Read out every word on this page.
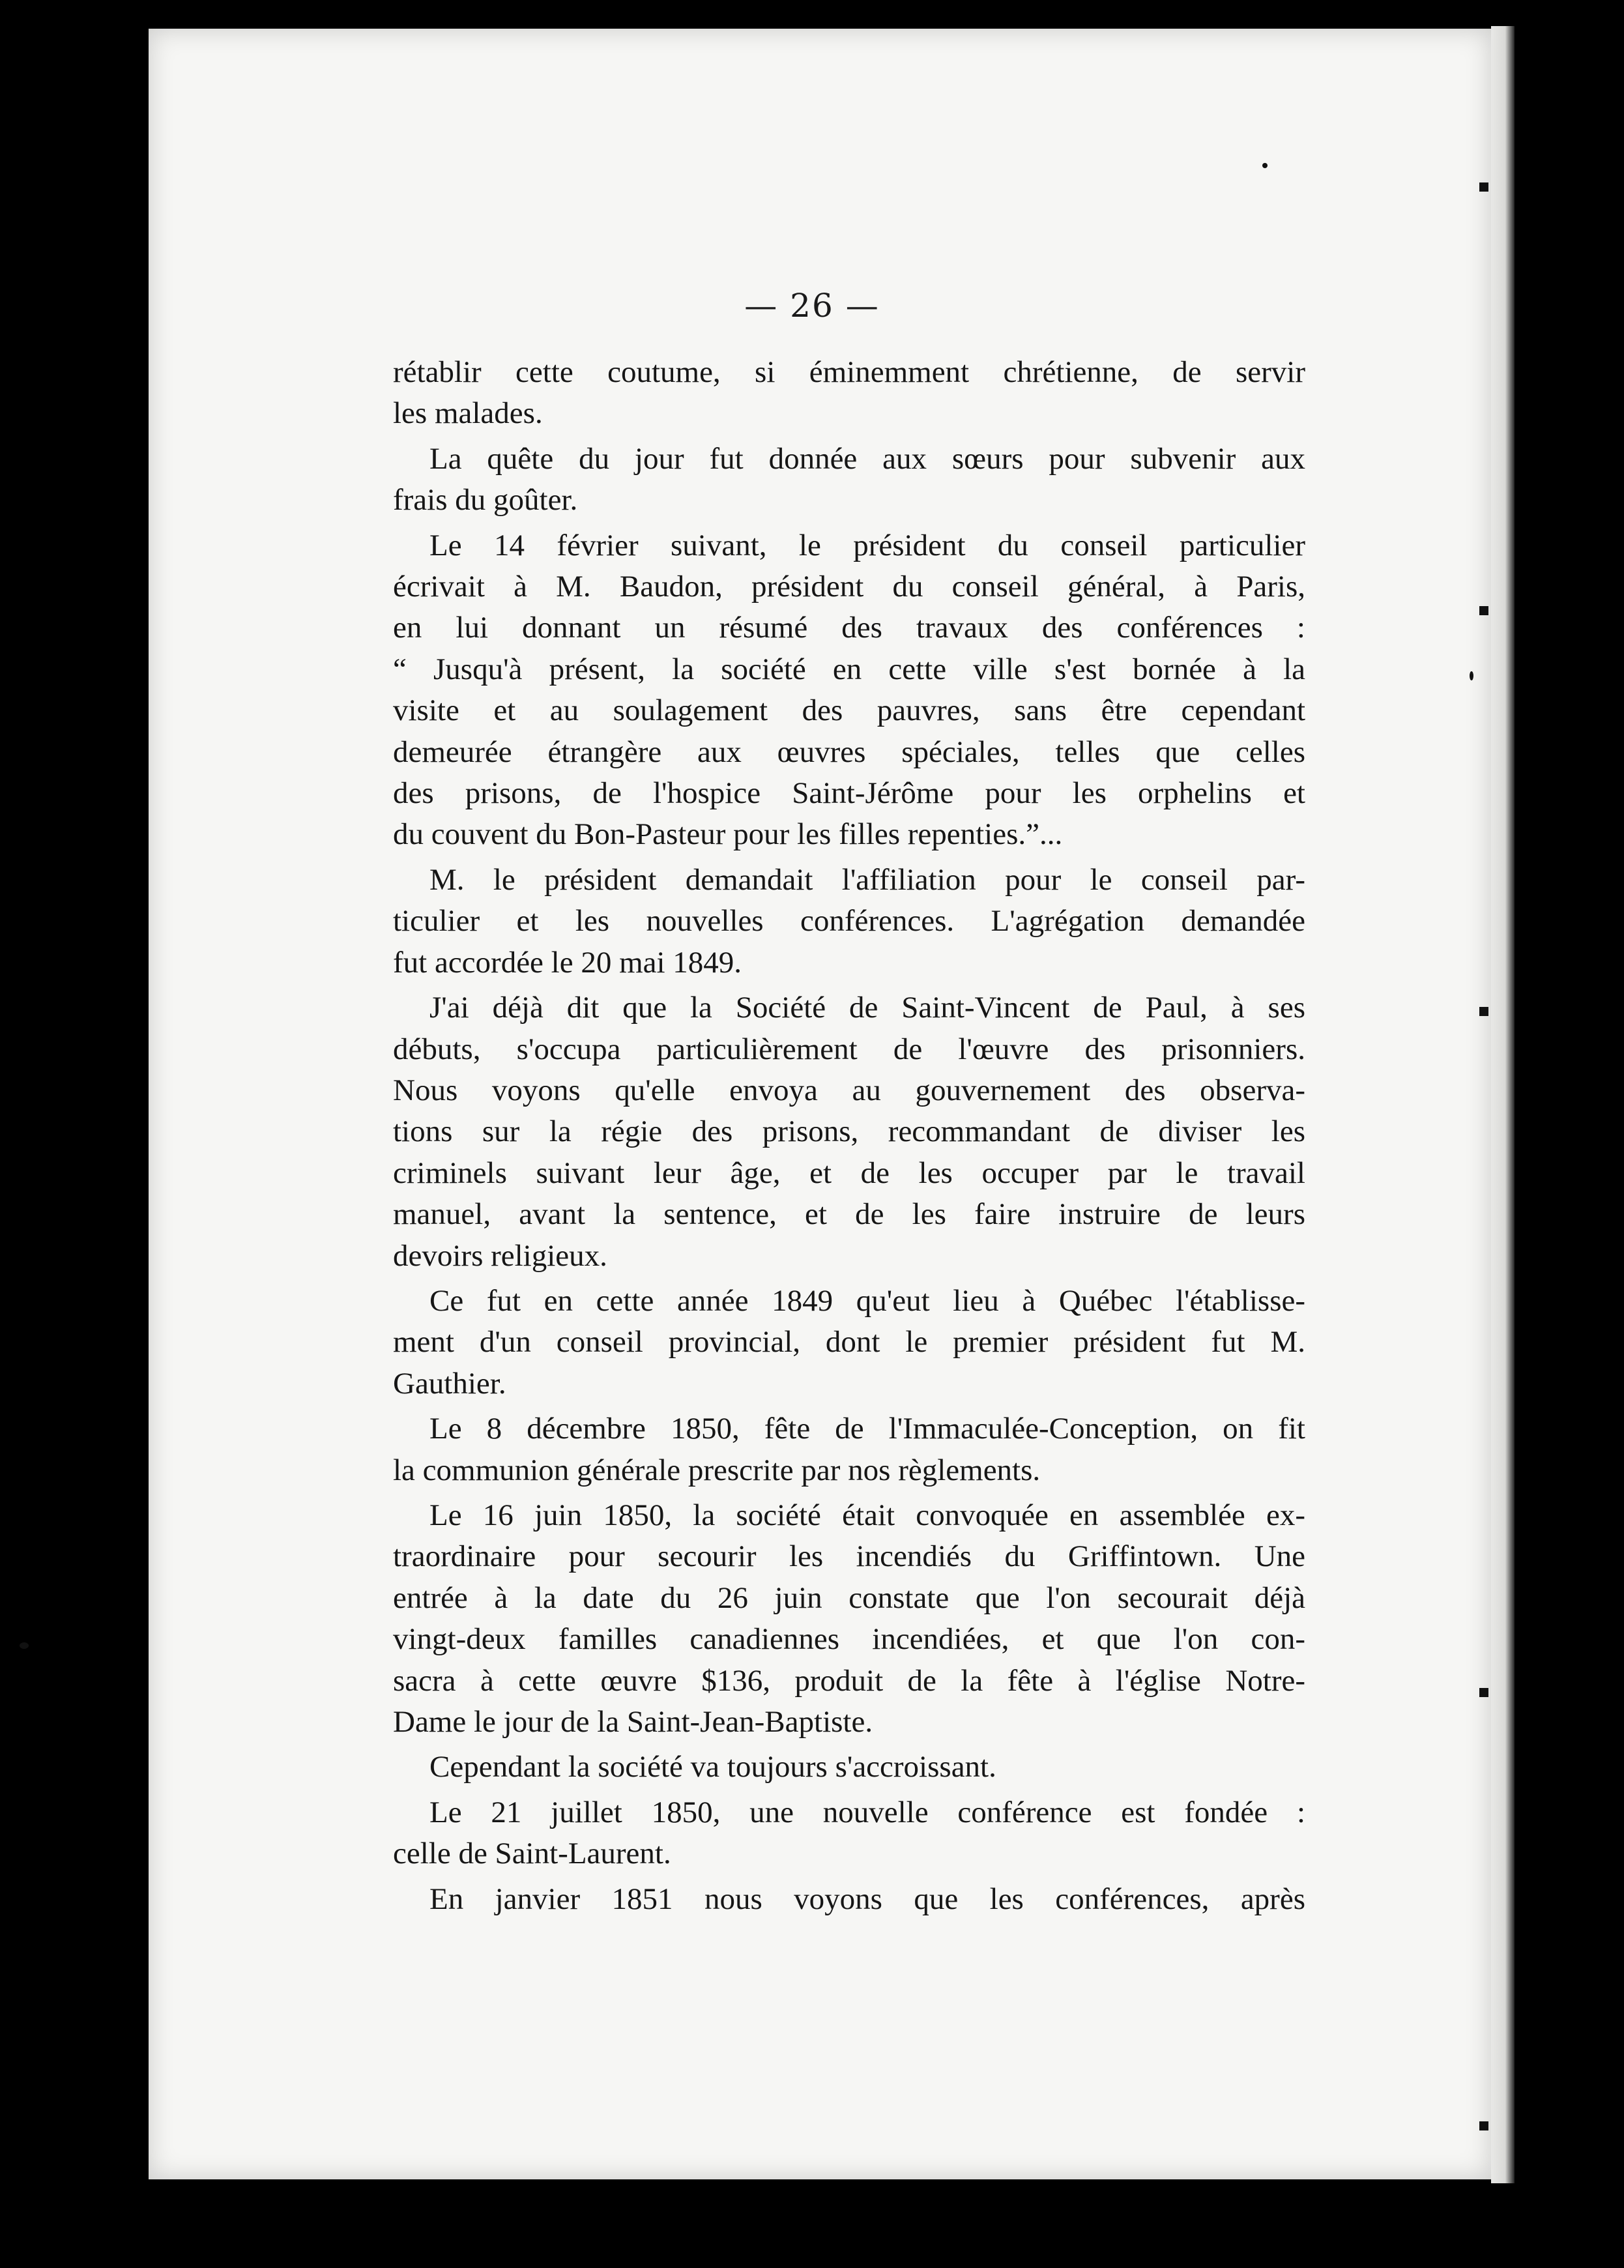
— 26 —

rétablir cette coutume, si éminemment chrétienne, de servir
les malades.

La quête du jour fut donnée aux sœurs pour subvenir aux
frais du goûter.

Le 14 février suivant, le président du conseil particulier
écrivait à M. Baudon, président du conseil général, à Paris,
en lui donnant un résumé des travaux des conférences :
“ Jusqu'à présent, la société en cette ville s'est bornée à la
visite et au soulagement des pauvres, sans être cependant
demeurée étrangère aux œuvres spéciales, telles que celles
des prisons, de l'hospice Saint-Jérôme pour les orphelins et
du couvent du Bon-Pasteur pour les filles repenties.”...

M. le président demandait l'affiliation pour le conseil par-
ticulier et les nouvelles conférences. L'agrégation demandée
fut accordée le 20 mai 1849.

J'ai déjà dit que la Société de Saint-Vincent de Paul, à ses
débuts, s'occupa particulièrement de l'œuvre des prisonniers.
Nous voyons qu'elle envoya au gouvernement des observa-
tions sur la régie des prisons, recommandant de diviser les
criminels suivant leur âge, et de les occuper par le travail
manuel, avant la sentence, et de les faire instruire de leurs
devoirs religieux.

Ce fut en cette année 1849 qu'eut lieu à Québec l'établisse-
ment d'un conseil provincial, dont le premier président fut M.
Gauthier.

Le 8 décembre 1850, fête de l'Immaculée-Conception, on fit
la communion générale prescrite par nos règlements.

Le 16 juin 1850, la société était convoquée en assemblée ex-
traordinaire pour secourir les incendiés du Griffintown. Une
entrée à la date du 26 juin constate que l'on secourait déjà
vingt-deux familles canadiennes incendiées, et que l'on con-
sacra à cette œuvre $136, produit de la fête à l'église Notre-
Dame le jour de la Saint-Jean-Baptiste.

Cependant la société va toujours s'accroissant.

Le 21 juillet 1850, une nouvelle conférence est fondée :
celle de Saint-Laurent.

En janvier 1851 nous voyons que les conférences, après
